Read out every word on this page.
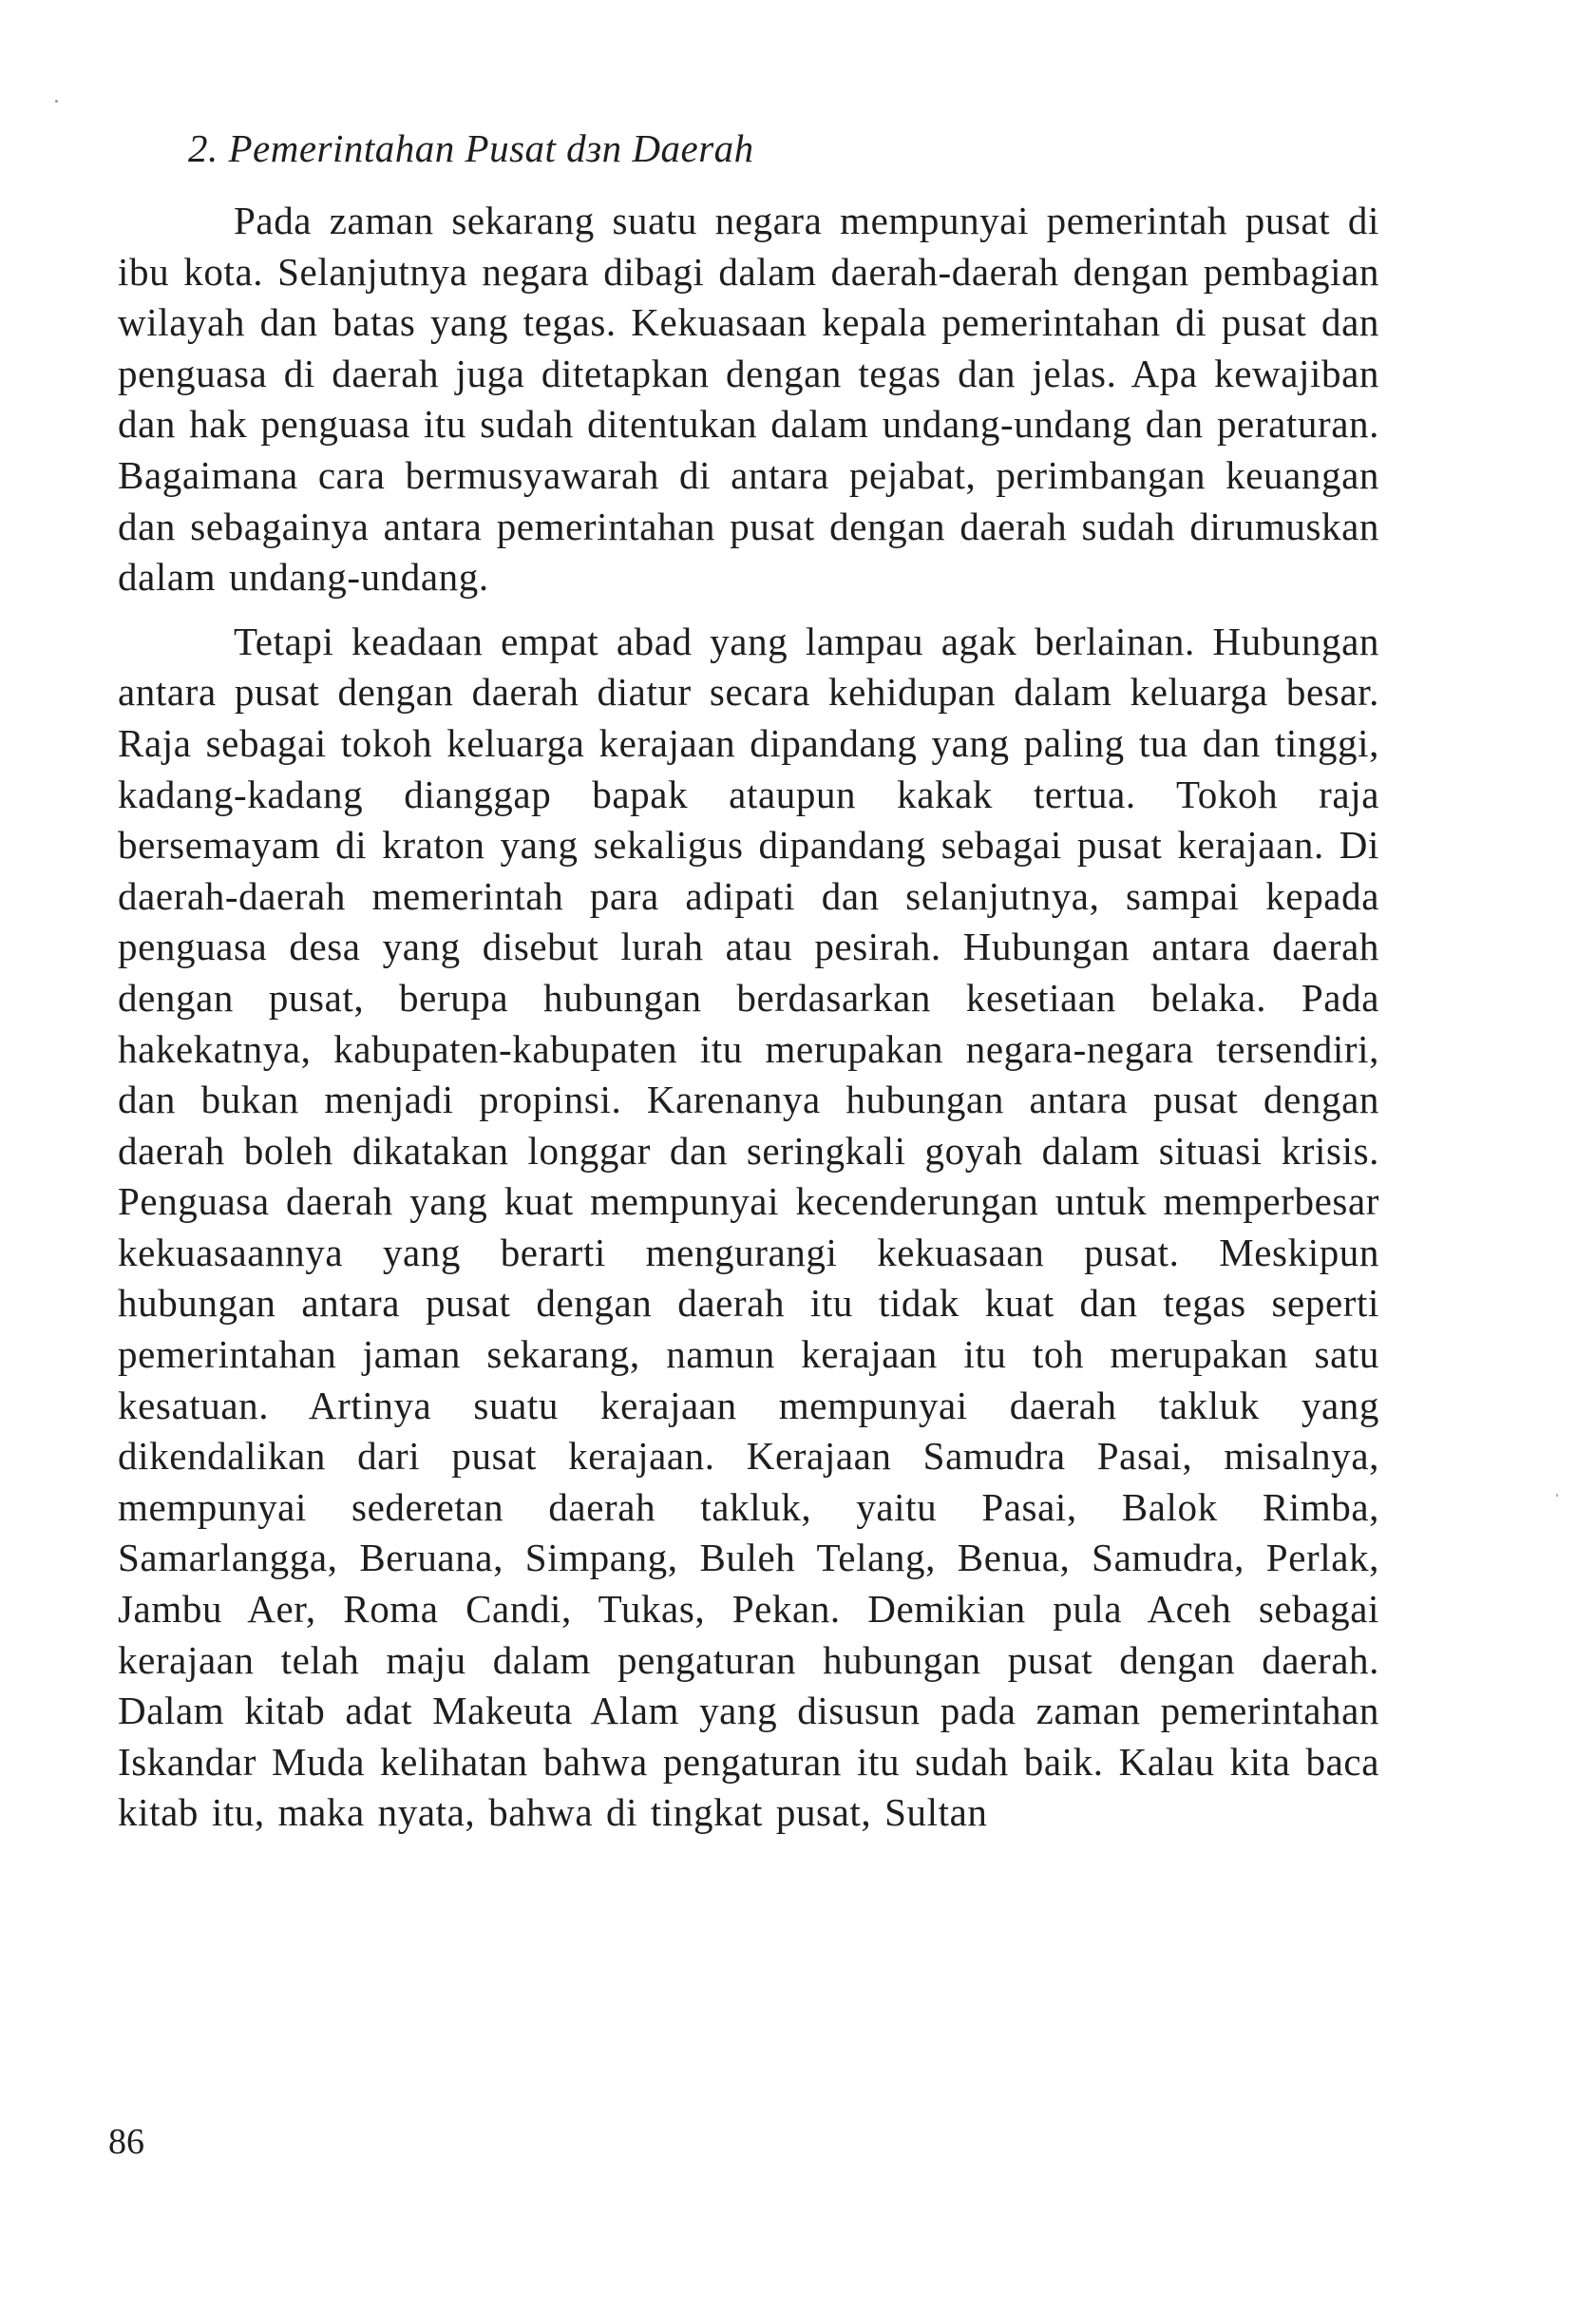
2. Pemerintahan Pusat dзn Daerah

Pada zaman sekarang suatu negara mempunyai pemerintah pusat di ibu kota. Selanjutnya negara dibagi dalam daerah-daerah dengan pembagian wilayah dan batas yang tegas. Kekuasaan kepala pemerintahan di pusat dan penguasa di daerah juga ditetapkan dengan tegas dan jelas. Apa kewajiban dan hak penguasa itu sudah ditentukan dalam undang-undang dan peraturan. Bagaimana cara bermusyawarah di antara pejabat, perimbangan keuangan dan sebagainya antara pemerintahan pusat dengan daerah sudah dirumuskan dalam undang-undang.

Tetapi keadaan empat abad yang lampau agak berlainan. Hubungan antara pusat dengan daerah diatur secara kehidupan dalam keluarga besar. Raja sebagai tokoh keluarga kerajaan dipandang yang paling tua dan tinggi, kadang-kadang dianggap bapak ataupun kakak tertua. Tokoh raja bersemayam di kraton yang sekaligus dipandang sebagai pusat kerajaan. Di daerah-daerah memerintah para adipati dan selanjutnya, sampai kepada penguasa desa yang disebut lurah atau pesirah. Hubungan antara daerah dengan pusat, berupa hubungan berdasarkan kesetiaan belaka. Pada hakekatnya, kabupaten-kabupaten itu merupakan negara-negara tersendiri, dan bukan menjadi propinsi. Karenanya hubungan antara pusat dengan daerah boleh dikatakan longgar dan seringkali goyah dalam situasi krisis. Penguasa daerah yang kuat mempunyai kecenderungan untuk memperbesar kekuasaannya yang berarti mengurangi kekuasaan pusat. Meskipun hubungan antara pusat dengan daerah itu tidak kuat dan tegas seperti pemerintahan jaman sekarang, namun kerajaan itu toh merupakan satu kesatuan. Artinya suatu kerajaan mempunyai daerah takluk yang dikendalikan dari pusat kerajaan. Kerajaan Samudra Pasai, misalnya, mempunyai sederetan daerah takluk, yaitu Pasai, Balok Rimba, Samarlangga, Beruana, Simpang, Buleh Telang, Benua, Samudra, Perlak, Jambu Aer, Roma Candi, Tukas, Pekan. Demikian pula Aceh sebagai kerajaan telah maju dalam pengaturan hubungan pusat dengan daerah. Dalam kitab adat Makeuta Alam yang disusun pada zaman pemerintahan Iskandar Muda kelihatan bahwa pengaturan itu sudah baik. Kalau kita baca kitab itu, maka nyata, bahwa di tingkat pusat, Sultan

86
